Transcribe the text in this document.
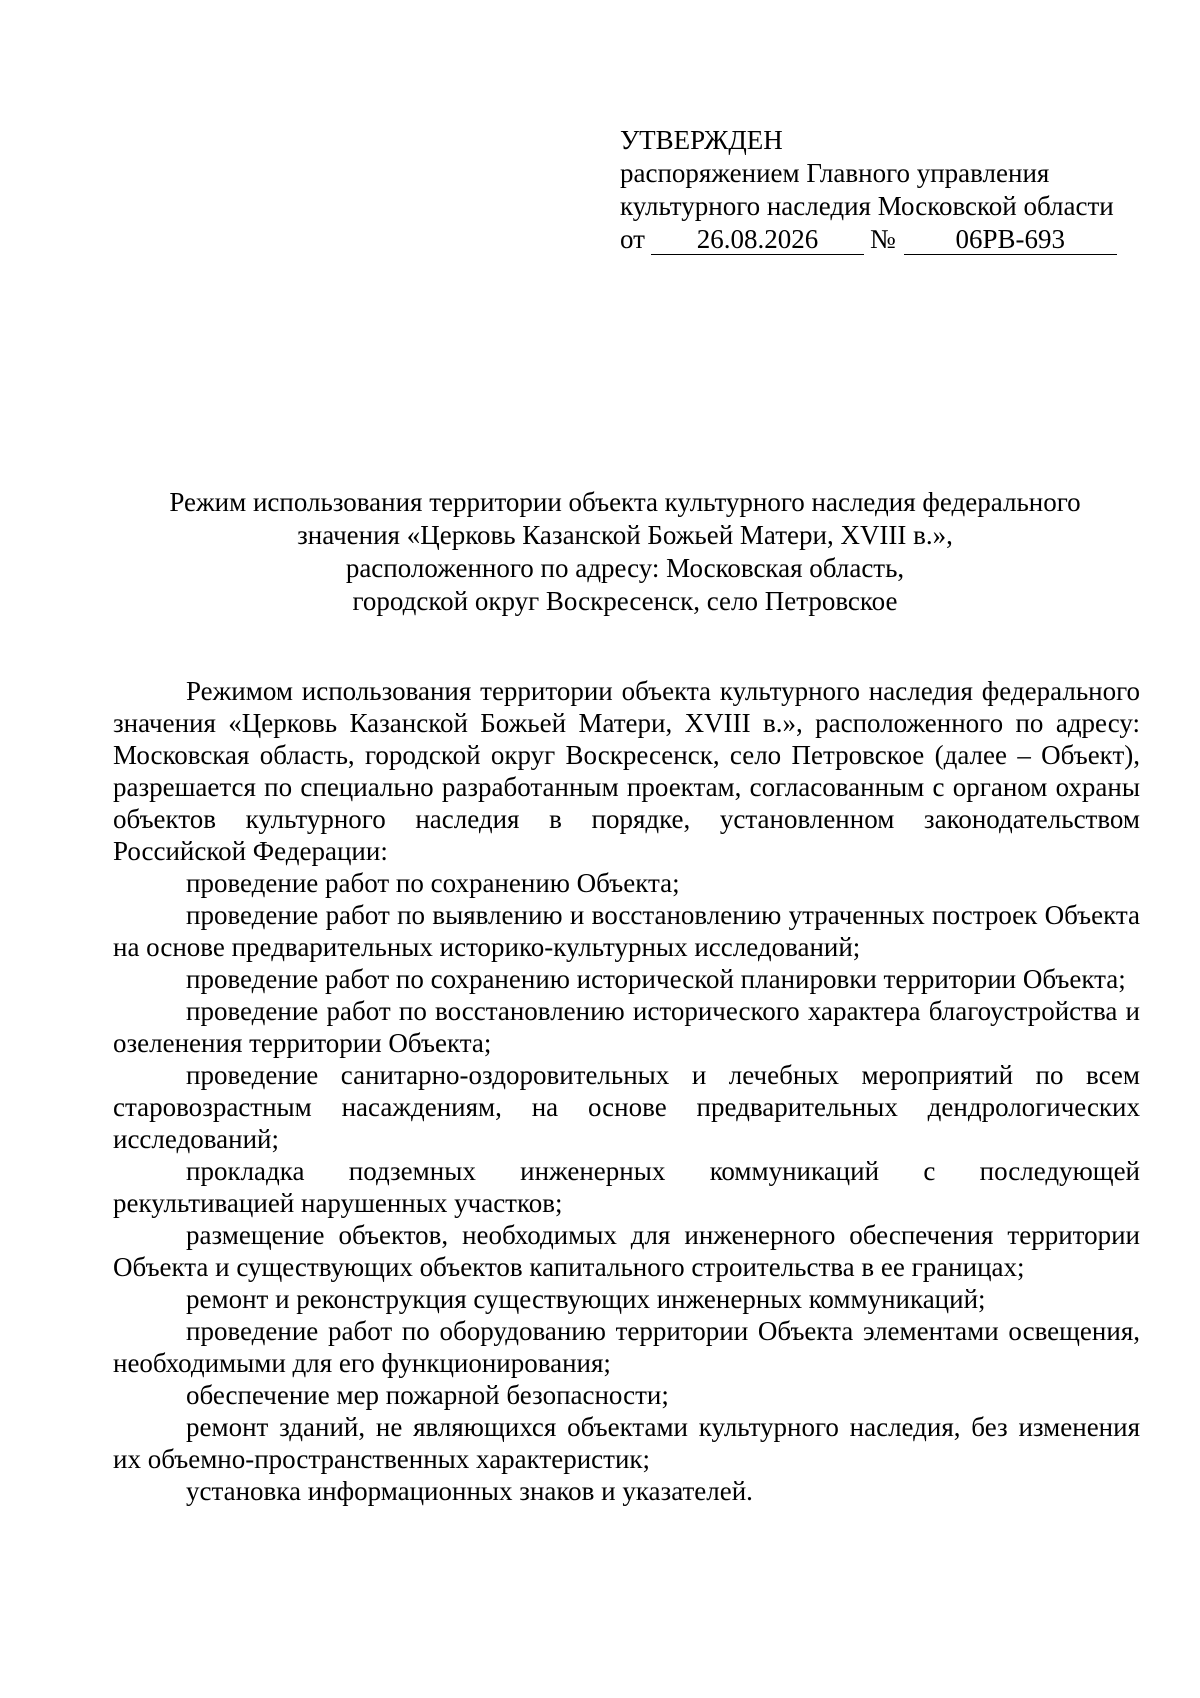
УТВЕРЖДЕН
распоряжением Главного управления
культурного наследия Московской области
от	26.08.2026	№	06РВ-693
Режим использования территории объекта культурного наследия федерального
значения «Церковь Казанской Божьей Матери, XVIII в.»,
расположенного по адресу: Московская область,
городской округ Воскресенск, село Петровское

Режимом использования территории объекта культурного наследия федерального значения «Церковь Казанской Божьей Матери, XVIII в.», расположенного по адресу: Московская область, городской округ Воскресенск, село Петровское (далее – Объект), разрешается по специально разработанным проектам, согласованным с органом охраны объектов культурного наследия в порядке, установленном законодательством Российской Федерации:

проведение работ по сохранению Объекта;

проведение работ по выявлению и восстановлению утраченных построек Объекта на основе предварительных историко-культурных исследований;

проведение работ по сохранению исторической планировки территории Объекта;

проведение работ по восстановлению исторического характера благоустройства и озеленения территории Объекта;

проведение санитарно-оздоровительных и лечебных мероприятий по всем старовозрастным насаждениям, на основе предварительных дендрологических исследований;

прокладка подземных инженерных коммуникаций с последующей рекультивацией нарушенных участков;

размещение объектов, необходимых для инженерного обеспечения территории Объекта и существующих объектов капитального строительства в ее границах;

ремонт и реконструкция существующих инженерных коммуникаций;

проведение работ по оборудованию территории Объекта элементами освещения, необходимыми для его функционирования;

обеспечение мер пожарной безопасности;

ремонт зданий, не являющихся объектами культурного наследия, без изменения их объемно-пространственных характеристик;

установка информационных знаков и указателей.
